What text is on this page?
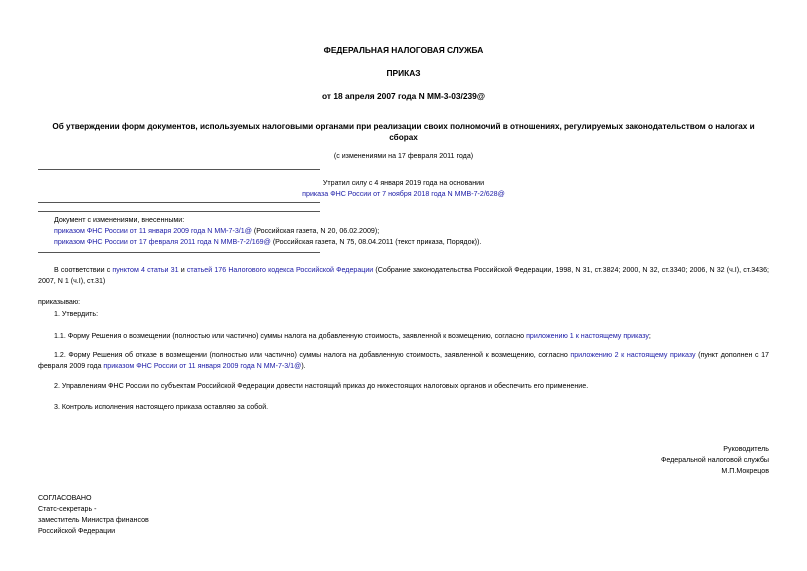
ФЕДЕРАЛЬНАЯ НАЛОГОВАЯ СЛУЖБА
ПРИКАЗ
от 18 апреля 2007 года N ММ-3-03/239@
Об утверждении форм документов, используемых налоговыми органами при реализации своих полномочий в отношениях, регулируемых законодательством о налогах и сборах
(с изменениями на 17 февраля 2011 года)
Утратил силу с 4 января 2019 года на основании
приказа ФНС России от 7 ноября 2018 года N ММВ-7-2/628@
Документ с изменениями, внесенными:
приказом ФНС России от 11 января 2009 года N ММ-7-3/1@ (Российская газета, N 20, 06.02.2009);
приказом ФНС России от 17 февраля 2011 года N ММВ-7-2/169@ (Российская газета, N 75, 08.04.2011 (текст приказа, Порядок)).
В соответствии с пунктом 4 статьи 31 и статьей 176 Налогового кодекса Российской Федерации (Собрание законодательства Российской Федерации, 1998, N 31, ст.3824; 2000, N 32, ст.3340; 2006, N 32 (ч.I), ст.3436; 2007, N 1 (ч.I), ст.31)
приказываю:
1. Утвердить:
1.1. Форму Решения о возмещении (полностью или частично) суммы налога на добавленную стоимость, заявленной к возмещению, согласно приложению 1 к настоящему приказу;
1.2. Форму Решения об отказе в возмещении (полностью или частично) суммы налога на добавленную стоимость, заявленной к возмещению, согласно приложению 2 к настоящему приказу (пункт дополнен с 17 февраля 2009 года приказом ФНС России от 11 января 2009 года N ММ-7-3/1@).
2. Управлениям ФНС России по субъектам Российской Федерации довести настоящий приказ до нижестоящих налоговых органов и обеспечить его применение.
3. Контроль исполнения настоящего приказа оставляю за собой.
Руководитель
Федеральной налоговой службы
М.П.Мокрецов
СОГЛАСОВАНО
Статс-секретарь -
заместитель Министра финансов
Российской Федерации
